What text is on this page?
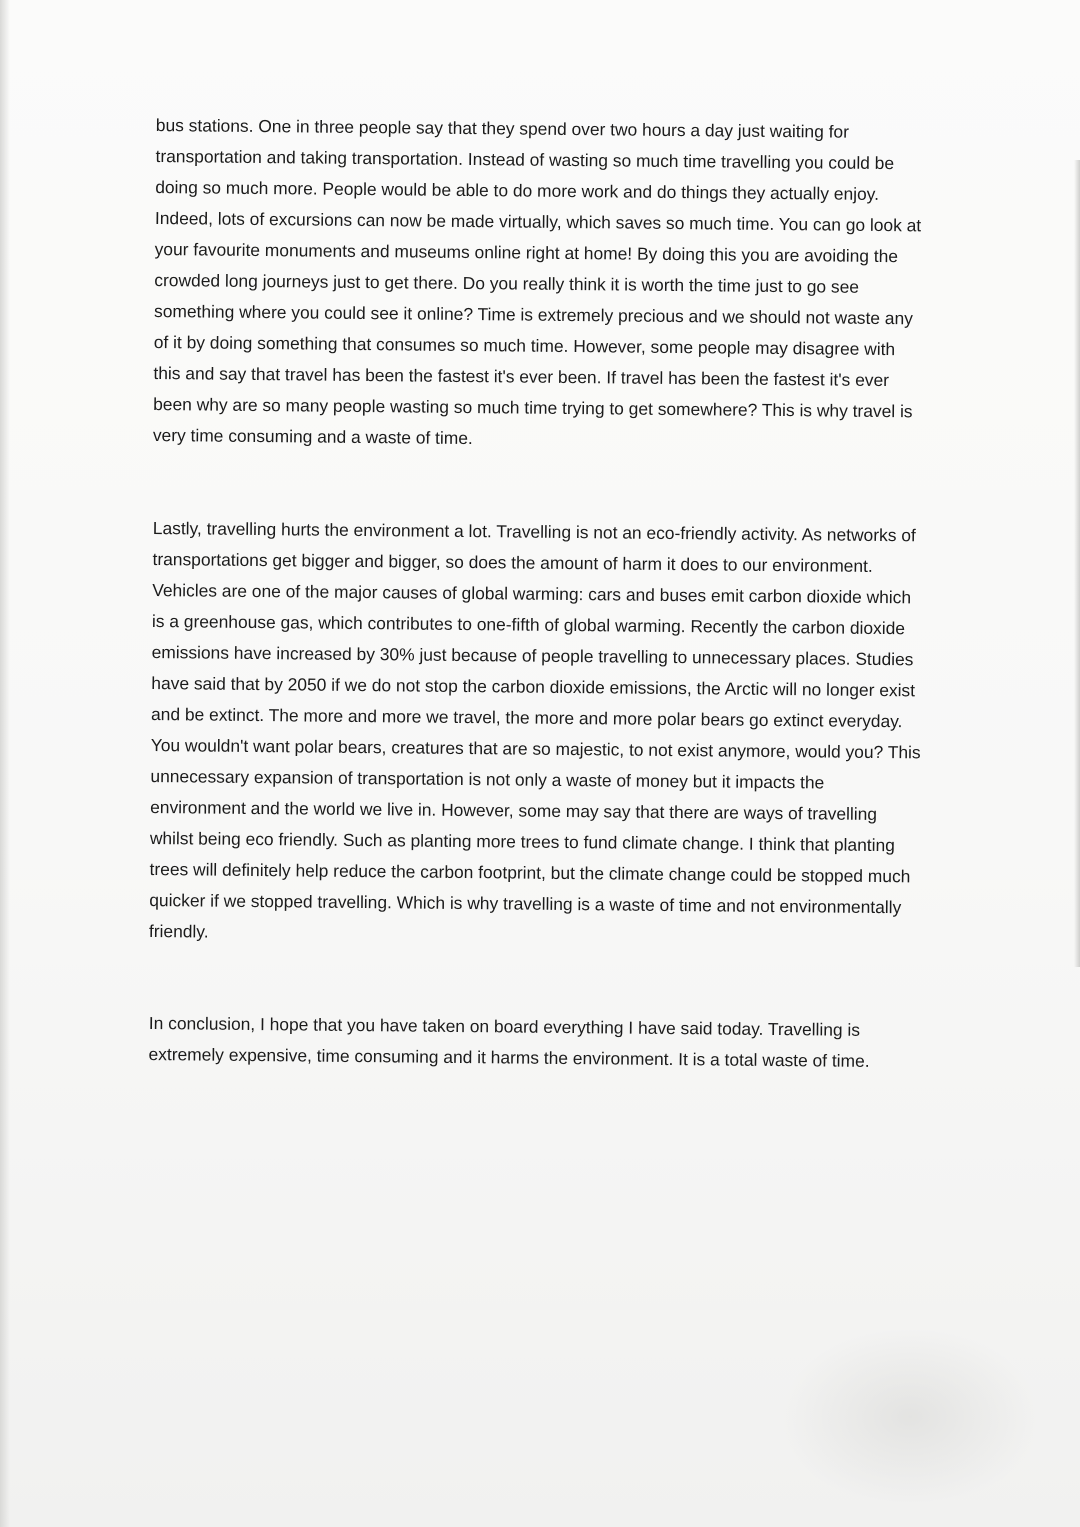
bus stations. One in three people say that they spend over two hours a day just waiting for transportation and taking transportation. Instead of wasting so much time travelling you could be doing so much more. People would be able to do more work and do things they actually enjoy. Indeed, lots of excursions can now be made virtually, which saves so much time. You can go look at your favourite monuments and museums online right at home! By doing this you are avoiding the crowded long journeys just to get there. Do you really think it is worth the time just to go see something where you could see it online? Time is extremely precious and we should not waste any of it by doing something that consumes so much time. However, some people may disagree with this and say that travel has been the fastest it's ever been. If travel has been the fastest it's ever been why are so many people wasting so much time trying to get somewhere? This is why travel is very time consuming and a waste of time.

Lastly, travelling hurts the environment a lot. Travelling is not an eco-friendly activity. As networks of transportations get bigger and bigger, so does the amount of harm it does to our environment. Vehicles are one of the major causes of global warming: cars and buses emit carbon dioxide which is a greenhouse gas, which contributes to one-fifth of global warming. Recently the carbon dioxide emissions have increased by 30% just because of people travelling to unnecessary places. Studies have said that by 2050 if we do not stop the carbon dioxide emissions, the Arctic will no longer exist and be extinct. The more and more we travel, the more and more polar bears go extinct everyday. You wouldn't want polar bears, creatures that are so majestic, to not exist anymore, would you? This unnecessary expansion of transportation is not only a waste of money but it impacts the environment and the world we live in. However, some may say that there are ways of travelling whilst being eco friendly. Such as planting more trees to fund climate change. I think that planting trees will definitely help reduce the carbon footprint, but the climate change could be stopped much quicker if we stopped travelling. Which is why travelling is a waste of time and not environmentally friendly.

In conclusion, I hope that you have taken on board everything I have said today. Travelling is extremely expensive, time consuming and it harms the environment. It is a total waste of time.
